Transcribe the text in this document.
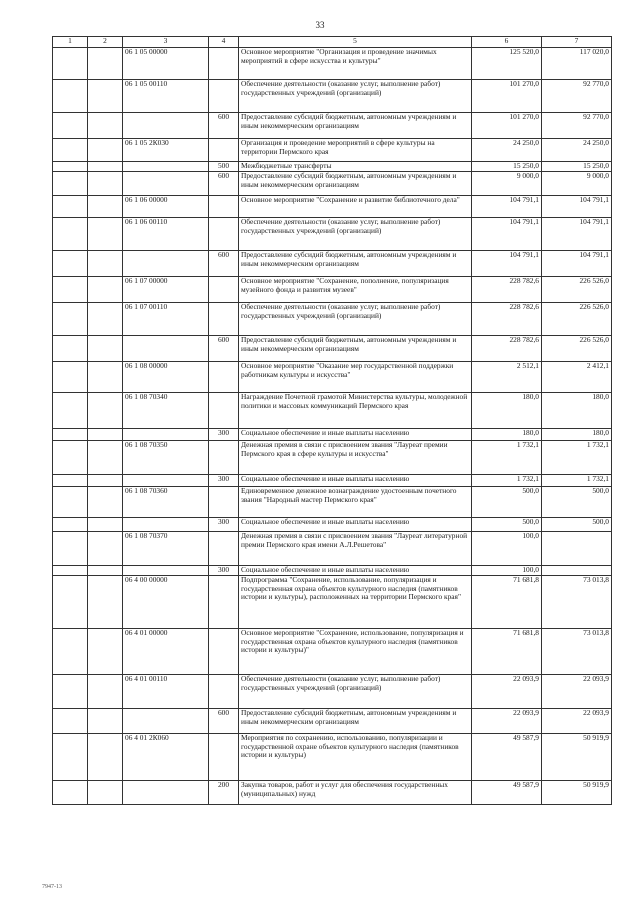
33
1	2	3	4	5	6	7
		06 1 05 00000		Основное мероприятие "Организация и проведение значимых мероприятий в сфере искусства и культуры"	125 520,0	117 020,0
		06 1 05 00110		Обеспечение деятельности (оказание услуг, выполнение работ) государственных учреждений (организаций)	101 270,0	92 770,0
			600	Предоставление субсидий бюджетным, автономным учреждениям и иным некоммерческим организациям	101 270,0	92 770,0
		06 1 05 2К030		Организация и проведение мероприятий в сфере культуры на территории Пермского края	24 250,0	24 250,0
			500	Межбюджетные трансферты	15 250,0	15 250,0
			600	Предоставление субсидий бюджетным, автономным учреждениям и иным некоммерческим организациям	9 000,0	9 000,0
		06 1 06 00000		Основное мероприятие "Сохранение и развитие библиотечного дела"	104 791,1	104 791,1
		06 1 06 00110		Обеспечение деятельности (оказание услуг, выполнение работ) государственных учреждений (организаций)	104 791,1	104 791,1
			600	Предоставление субсидий бюджетным, автономным учреждениям и иным некоммерческим организациям	104 791,1	104 791,1
		06 1 07 00000		Основное мероприятие "Сохранение, пополнение, популяризация музейного фонда и развития музеев"	228 782,6	226 526,0
		06 1 07 00110		Обеспечение деятельности (оказание услуг, выполнение работ) государственных учреждений (организаций)	228 782,6	226 526,0
			600	Предоставление субсидий бюджетным, автономным учреждениям и иным некоммерческим организациям	228 782,6	226 526,0
		06 1 08 00000		Основное мероприятие "Оказание мер государственной поддержки работникам культуры и искусства"	2 512,1	2 412,1
		06 1 08 70340		Награждение Почетной грамотой Министерства культуры, молодежной политики и массовых коммуникаций Пермского края	180,0	180,0
			300	Социальное обеспечение и иные выплаты населению	180,0	180,0
		06 1 08 70350		Денежная премия в связи с присвоением звания "Лауреат премии Пермского края в сфере культуры и искусства"	1 732,1	1 732,1
			300	Социальное обеспечение и иные выплаты населению	1 732,1	1 732,1
		06 1 08 70360		Единовременное денежное вознаграждение удостоенным почетного звания "Народный мастер Пермского края"	500,0	500,0
			300	Социальное обеспечение и иные выплаты населению	500,0	500,0
		06 1 08 70370		Денежная премия в связи с присвоением звания "Лауреат литературной премии Пермского края имени А.Л.Решетова"	100,0	
			300	Социальное обеспечение и иные выплаты населению	100,0	
		06 4 00 00000		Подпрограмма "Сохранение, использование, популяризация и государственная охрана объектов культурного наследия (памятников истории и культуры), расположенных на территории Пермского края"	71 681,8	73 013,8
		06 4 01 00000		Основное мероприятие "Сохранение, использование, популяризация и государственная охрана объектов культурного наследия (памятников истории и культуры)"	71 681,8	73 013,8
		06 4 01 00110		Обеспечение деятельности (оказание услуг, выполнение работ) государственных учреждений (организаций)	22 093,9	22 093,9
			600	Предоставление субсидий бюджетным, автономным учреждениям и иным некоммерческим организациям	22 093,9	22 093,9
		06 4 01 2К060		Мероприятия по сохранению, использованию, популяризации и государственной охране объектов культурного наследия (памятников истории и культуры)	49 587,9	50 919,9
			200	Закупка товаров, работ и услуг для обеспечения государственных (муниципальных) нужд	49 587,9	50 919,9
7947-13
